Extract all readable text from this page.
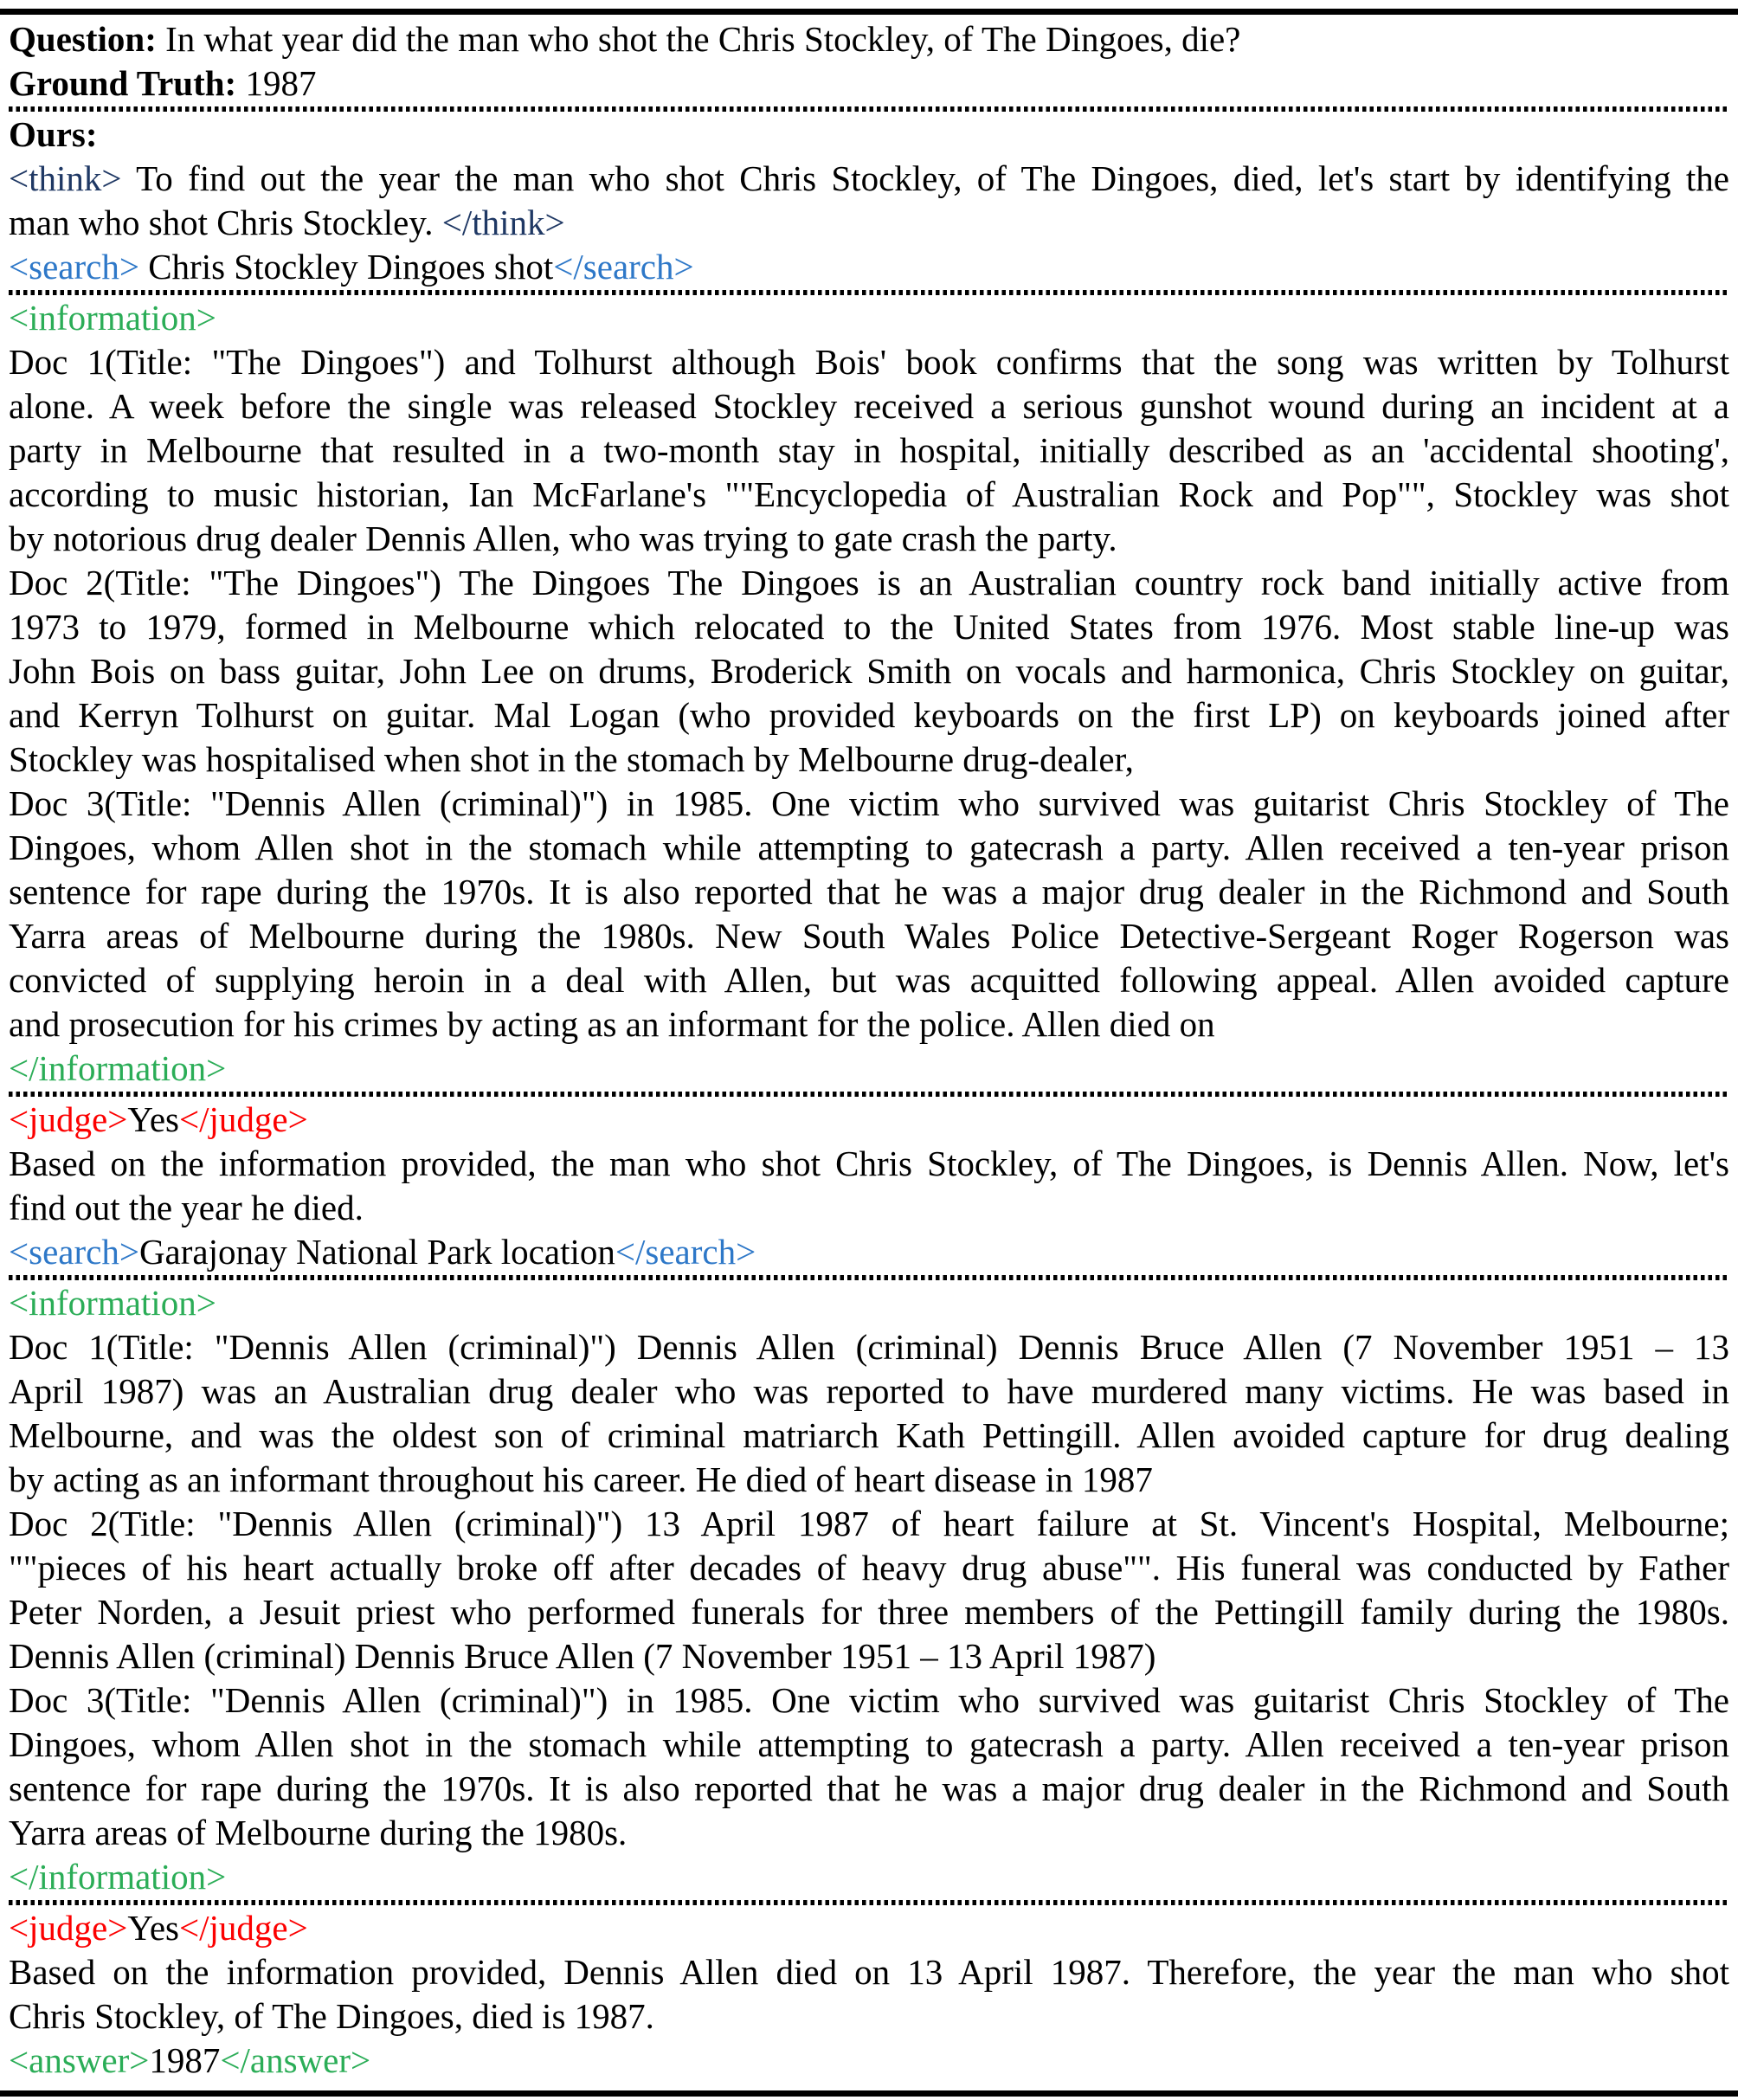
Question: In what year did the man who shot the Chris Stockley, of The Dingoes, die?
Ground Truth: 1987
Ours:
<think> To find out the year the man who shot Chris Stockley, of The Dingoes, died, let's start by identifying the
man who shot Chris Stockley. </think>
<search> Chris Stockley Dingoes shot</search>
<information>
Doc 1(Title: "The Dingoes") and Tolhurst although Bois' book confirms that the song was written by Tolhurst
alone. A week before the single was released Stockley received a serious gunshot wound during an incident at a
party in Melbourne that resulted in a two-month stay in hospital, initially described as an 'accidental shooting',
according to music historian, Ian McFarlane's ""Encyclopedia of Australian Rock and Pop"", Stockley was shot
by notorious drug dealer Dennis Allen, who was trying to gate crash the party.
Doc 2(Title: "The Dingoes") The Dingoes The Dingoes is an Australian country rock band initially active from
1973 to 1979, formed in Melbourne which relocated to the United States from 1976. Most stable line-up was
John Bois on bass guitar, John Lee on drums, Broderick Smith on vocals and harmonica, Chris Stockley on guitar,
and Kerryn Tolhurst on guitar. Mal Logan (who provided keyboards on the first LP) on keyboards joined after
Stockley was hospitalised when shot in the stomach by Melbourne drug-dealer,
Doc 3(Title: "Dennis Allen (criminal)") in 1985. One victim who survived was guitarist Chris Stockley of The
Dingoes, whom Allen shot in the stomach while attempting to gatecrash a party. Allen received a ten-year prison
sentence for rape during the 1970s. It is also reported that he was a major drug dealer in the Richmond and South
Yarra areas of Melbourne during the 1980s. New South Wales Police Detective-Sergeant Roger Rogerson was
convicted of supplying heroin in a deal with Allen, but was acquitted following appeal. Allen avoided capture
and prosecution for his crimes by acting as an informant for the police. Allen died on
</information>
<judge>Yes</judge>
Based on the information provided, the man who shot Chris Stockley, of The Dingoes, is Dennis Allen. Now, let's
find out the year he died.
<search>Garajonay National Park location</search>
<information>
Doc 1(Title: "Dennis Allen (criminal)") Dennis Allen (criminal) Dennis Bruce Allen (7 November 1951 – 13
April 1987) was an Australian drug dealer who was reported to have murdered many victims. He was based in
Melbourne, and was the oldest son of criminal matriarch Kath Pettingill. Allen avoided capture for drug dealing
by acting as an informant throughout his career. He died of heart disease in 1987
Doc 2(Title: "Dennis Allen (criminal)") 13 April 1987 of heart failure at St. Vincent's Hospital, Melbourne;
""pieces of his heart actually broke off after decades of heavy drug abuse"". His funeral was conducted by Father
Peter Norden, a Jesuit priest who performed funerals for three members of the Pettingill family during the 1980s.
Dennis Allen (criminal) Dennis Bruce Allen (7 November 1951 – 13 April 1987)
Doc 3(Title: "Dennis Allen (criminal)") in 1985. One victim who survived was guitarist Chris Stockley of The
Dingoes, whom Allen shot in the stomach while attempting to gatecrash a party. Allen received a ten-year prison
sentence for rape during the 1970s. It is also reported that he was a major drug dealer in the Richmond and South
Yarra areas of Melbourne during the 1980s.
</information>
<judge>Yes</judge>
Based on the information provided, Dennis Allen died on 13 April 1987. Therefore, the year the man who shot
Chris Stockley, of The Dingoes, died is 1987.
<answer>1987</answer>
